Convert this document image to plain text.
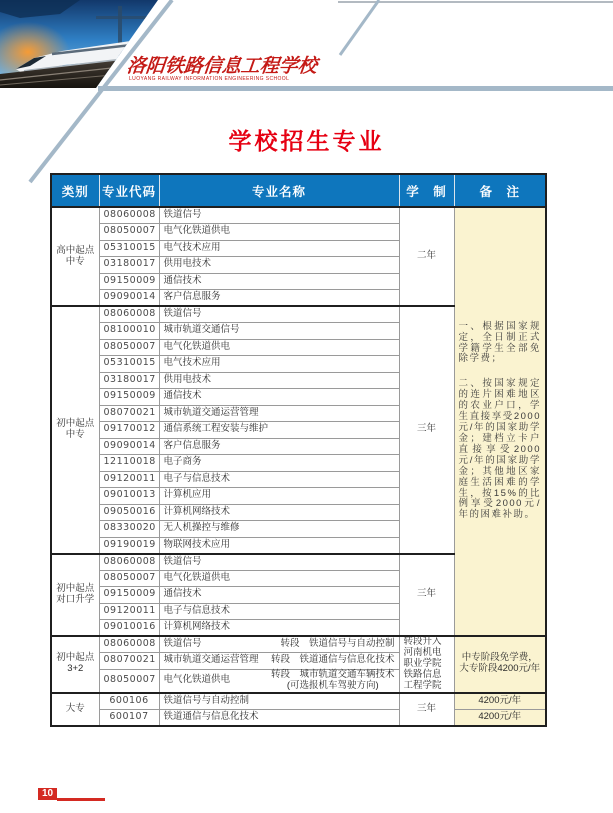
洛阳铁路信息工程学校
LUOYANG RAILWAY INFORMATION ENGINEERING SCHOOL
学校招生专业
类别	专业代码	专业名称	学　制	备　注
高中起点
中专	08060008	铁道信号	二年	

一、根据国家规定，全日制正式学籍学生全部免除学费；

二、按国家规定的连片困难地区的农业户口，学生直接享受2000元/年的国家助学金；建档立卡户直接享受2000元/年的国家助学金；其他地区家庭生活困难的学生，按15%的比例享受2000元/年的困难补助。

	08050007	电气化铁道供电		
	05310015	电气技术应用		
	03180017	供用电技术		
	09150009	通信技术		
	09090014	客户信息服务		
初中起点
中专	08060008	铁道信号	三年	
	08100010	城市轨道交通信号		
	08050007	电气化铁道供电		
	05310015	电气技术应用		
	03180017	供用电技术		
	09150009	通信技术		
	08070021	城市轨道交通运营管理		
	09170012	通信系统工程安装与维护		
	09090014	客户信息服务		
	12110018	电子商务		
	09120011	电子与信息技术		
	09010013	计算机应用		
	09050016	计算机网络技术		
	08330020	无人机操控与维修		
	09190019	物联网技术应用		
初中起点
对口升学	08060008	铁道信号	三年	
	08050007	电气化铁道供电		
	09150009	通信技术		
	09120011	电子与信息技术		
	09010016	计算机网络技术		
初中起点
3+2	08060008	铁道信号 转段　铁道信号与自动控制	转段升入河南机电职业学院铁路信息工程学院	中专阶段免学费，
大专阶段4200元/年

	08070021	城市轨道交通运营管理 转段　铁道通信与信息化技术		

	08050007	电气化铁道供电 转段　城市轨道交通车辆技术
(可选报机车驾驶方向)		

大专	600106	铁道信号与自动控制	三年	4200元/年
	600107	铁道通信与信息化技术		4200元/年
10
